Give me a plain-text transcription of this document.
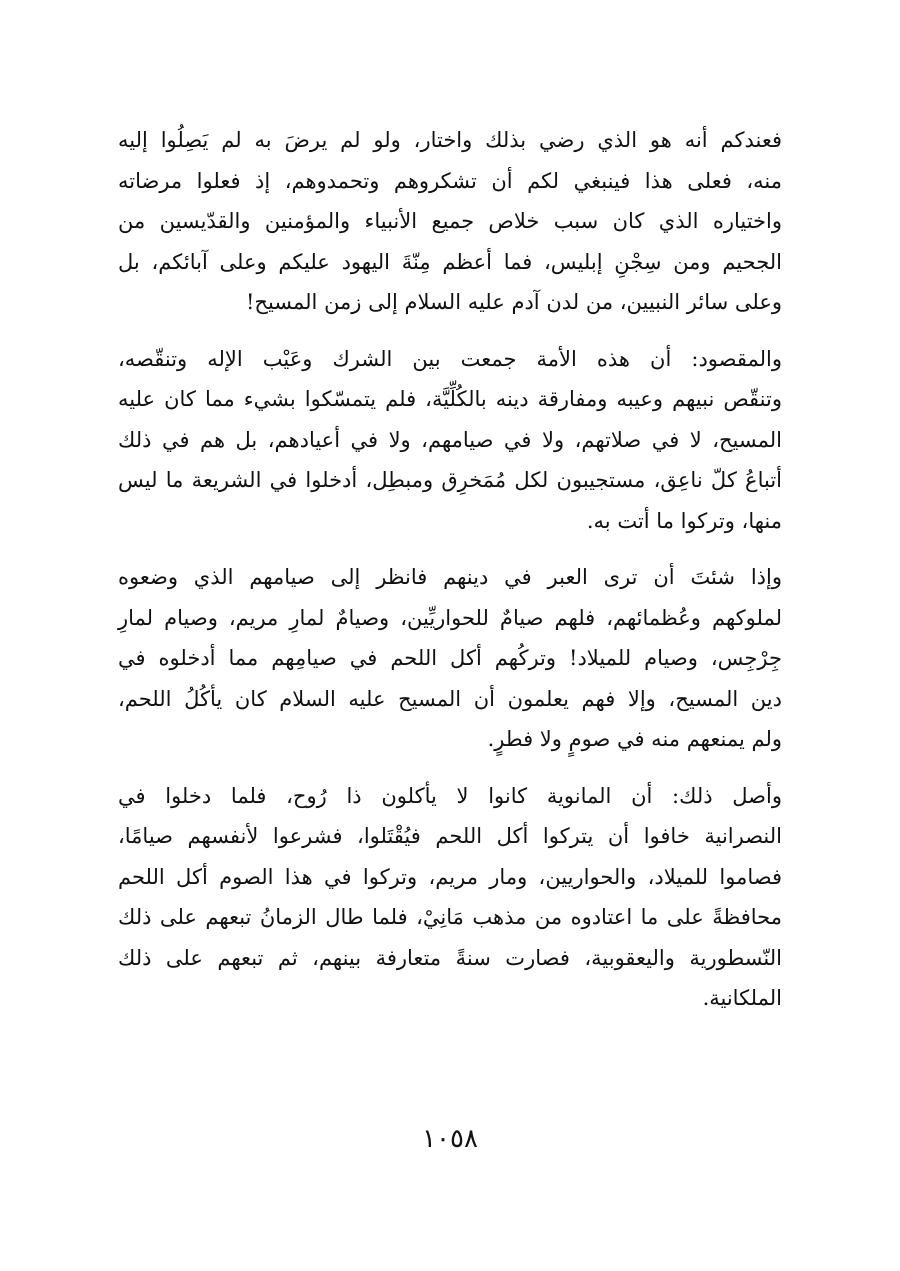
فعندكم أنه هو الذي رضي بذلك واختار، ولو لم يرضَ به لم يَصِلُوا إليه
منه، فعلى هذا فينبغي لكم أن تشكروهم وتحمدوهم، إذ فعلوا مرضاته
واختياره الذي كان سبب خلاص جميع الأنبياء والمؤمنين والقدّيسين من
الجحيم ومن سِجْنِ إبليس، فما أعظم مِنّةَ اليهود عليكم وعلى آبائكم، بل
وعلى سائر النبيين، من لدن آدم عليه السلام إلى زمن المسيح!

والمقصود: أن هذه الأمة جمعت بين الشرك وعَيْب الإله وتنقّصه،
وتنقّص نبيهم وعيبه ومفارقة دينه بالكُلِّيَّة، فلم يتمسّكوا بشيء مما كان عليه
المسيح، لا في صلاتهم، ولا في صيامهم، ولا في أعيادهم، بل هم في ذلك
أتباعُ كلّ ناعِق، مستجيبون لكل مُمَخرِق ومبطِل، أدخلوا في الشريعة ما ليس
منها، وتركوا ما أتت به.

وإذا شئتَ أن ترى العبر في دينهم فانظر إلى صيامهم الذي وضعوه
لملوكهم وعُظمائهم، فلهم صيامٌ للحواريِّين، وصيامٌ لمارِ مريم، وصيام لمارِ
جِرْجِس، وصيام للميلاد! وتركُهم أكل اللحم في صيامِهم مما أدخلوه في
دين المسيح، وإلا فهم يعلمون أن المسيح عليه السلام كان يأكُلُ اللحم،
ولم يمنعهم منه في صومٍ ولا فطرٍ.

وأصل ذلك: أن المانوية كانوا لا يأكلون ذا رُوح، فلما دخلوا في
النصرانية خافوا أن يتركوا أكل اللحم فيُقْتَلوا، فشرعوا لأنفسهم صيامًا،
فصاموا للميلاد، والحواريين، ومار مريم، وتركوا في هذا الصوم أكل اللحم
محافظةً على ما اعتادوه من مذهب مَانِيْ، فلما طال الزمانُ تبعهم على ذلك
النّسطورية واليعقوبية، فصارت سنةً متعارفة بينهم، ثم تبعهم على ذلك
الملكانية.

١٠٥٨
